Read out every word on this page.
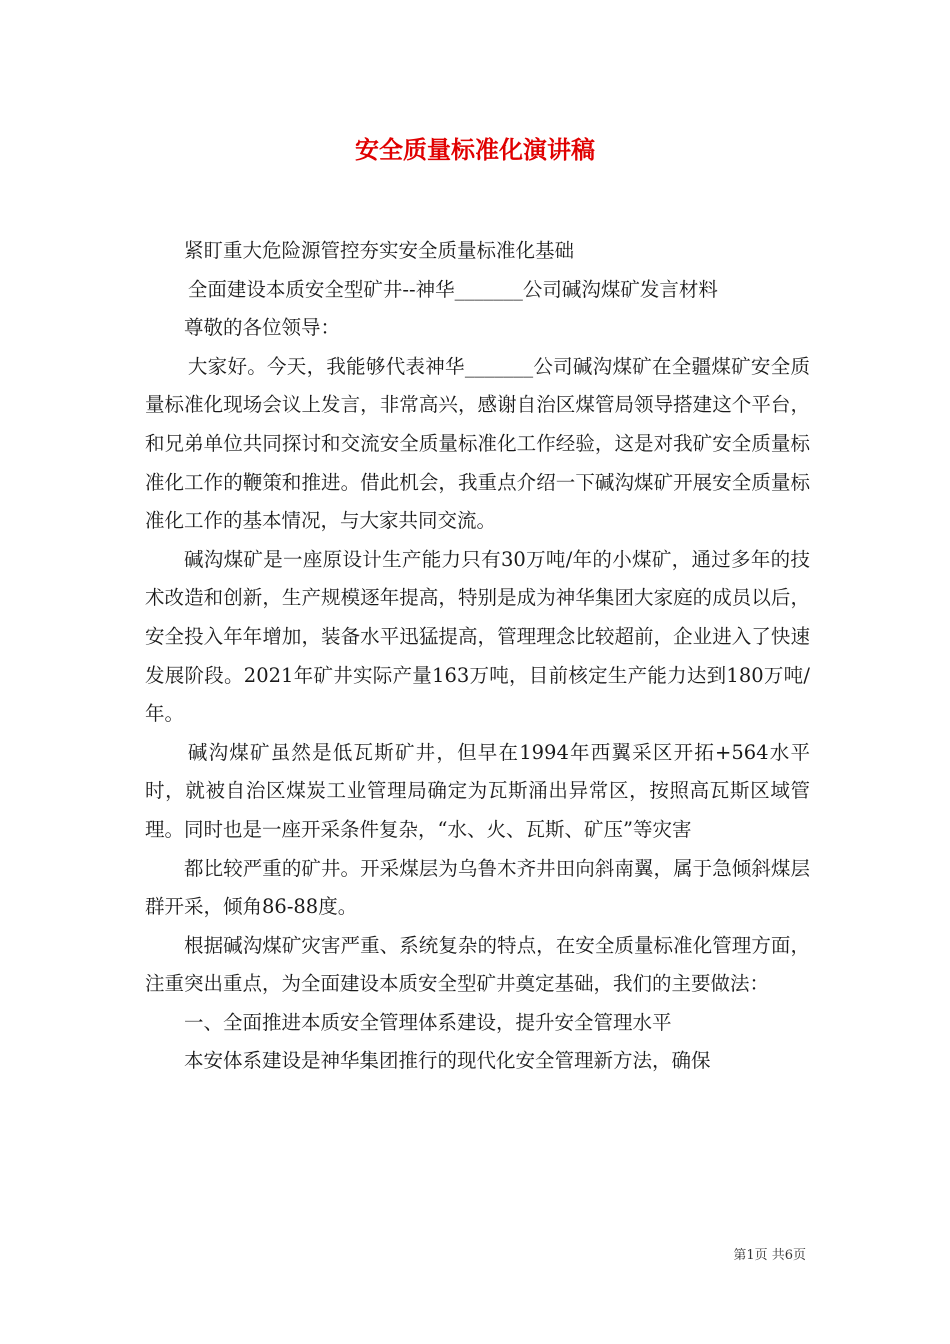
安全质量标准化演讲稿

紧盯重大危险源管控夯实安全质量标准化基础

全面建设本质安全型矿井--神华_______公司碱沟煤矿发言材料

尊敬的各位领导：

大家好。今天，我能够代表神华_______公司碱沟煤矿在全疆煤矿安全质量标准化现场会议上发言，非常高兴，感谢自治区煤管局领导搭建这个平台，和兄弟单位共同探讨和交流安全质量标准化工作经验，这是对我矿安全质量标准化工作的鞭策和推进。借此机会，我重点介绍一下碱沟煤矿开展安全质量标准化工作的基本情况，与大家共同交流。

碱沟煤矿是一座原设计生产能力只有30万吨/年的小煤矿，通过多年的技术改造和创新，生产规模逐年提高，特别是成为神华集团大家庭的成员以后，安全投入年年增加，装备水平迅猛提高，管理理念比较超前，企业进入了快速发展阶段。2021年矿井实际产量163万吨，目前核定生产能力达到180万吨/年。

碱沟煤矿虽然是低瓦斯矿井，但早在1994年西翼采区开拓+564水平时，就被自治区煤炭工业管理局确定为瓦斯涌出异常区，按照高瓦斯区域管理。同时也是一座开采条件复杂，“水、火、瓦斯、矿压”等灾害

都比较严重的矿井。开采煤层为乌鲁木齐井田向斜南翼，属于急倾斜煤层群开采，倾角86-88度。

根据碱沟煤矿灾害严重、系统复杂的特点，在安全质量标准化管理方面，注重突出重点，为全面建设本质安全型矿井奠定基础，我们的主要做法：

一、全面推进本质安全管理体系建设，提升安全管理水平

本安体系建设是神华集团推行的现代化安全管理新方法，确保

第1页 共6页
